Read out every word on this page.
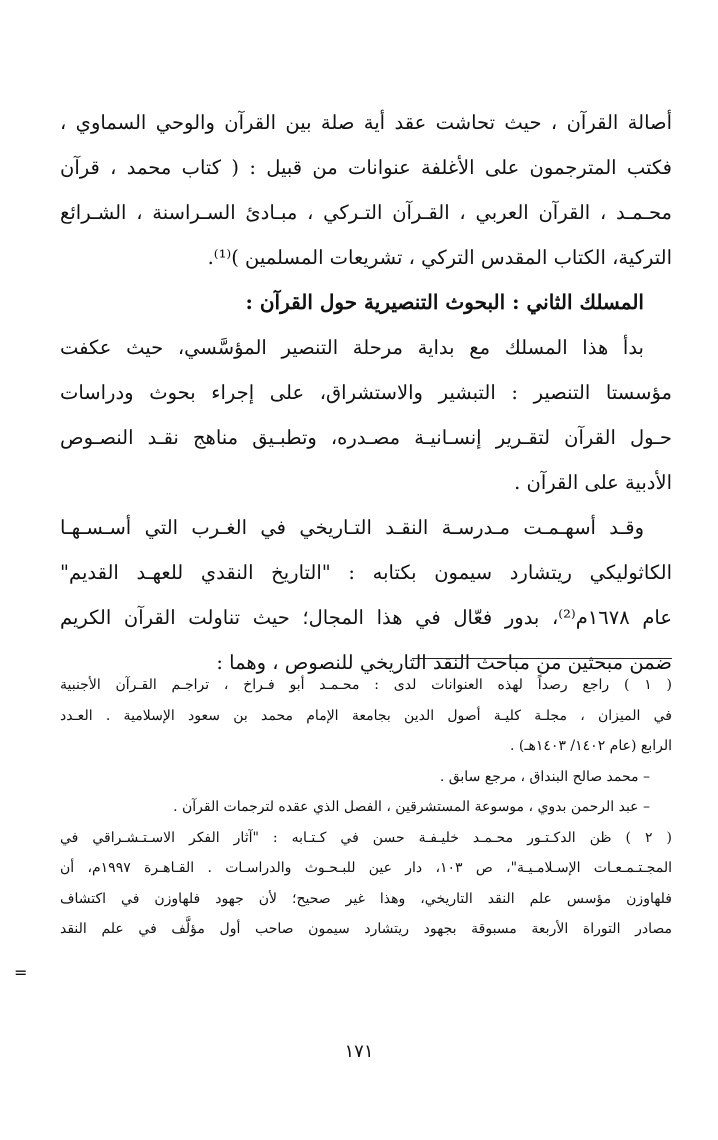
أصالة القرآن ، حيث تحاشت عقد أية صلة بين القرآن والوحي السماوي ،
فكتب المترجمون على الأغلفة عنوانات من قبيل : ( كتاب محمد ، قرآن
محـمـد ، القرآن العربي ، القـرآن التـركي ، مبـادئ السـراسنة ، الشـرائع
التركية، الكتاب المقدس التركي ، تشريعات المسلمين )⁽¹⁾.
المسلك الثاني : البحوث التنصيرية حول القرآن :
بدأ هذا المسلك مع بداية مرحلة التنصير المؤسَّسي، حيث عكفت
مؤسستا التنصير : التبشير والاستشراق، على إجراء بحوث ودراسات
حـول القرآن لتقـرير إنسـانيـة مصـدره، وتطبـيق مناهج نقـد النصـوص
الأدبية على القرآن .
وقـد أسهـمـت مـدرسـة النقـد التـاريخي في الغـرب التي أسـسـهـا
الكاثوليكي ريتشارد سيمون بكتابه : "التاريخ النقدي للعهـد القديم"
عام ١٦٧٨م⁽²⁾، بدور فعّال في هذا المجال؛ حيث تناولت القرآن الكريم
ضمن مبحثين من مباحث النقد التاريخي للنصوص ، وهما :
( ١ ) راجع رصداً لهذه العنوانات لدى : محـمـد أبو فـراخ ، تراجـم القـرآن الأجنبية
في الميزان ، مجلـة كليـة أصول الدين بجامعة الإمام محمد بن سعود الإسلامية . العـدد
الرابع (عام ١٤٠٢/ ١٤٠٣هـ) .
– محمد صالح البنداق ، مرجع سابق .
– عبد الرحمن بدوي ، موسوعة المستشرقين ، الفصل الذي عقده لترجمات القرآن .
( ٢ ) ظن الدكـتـور محـمـد خليـفـة حسن في كـتـابه : "آثار الفكر الاسـتـشـراقي في
المجـتـمـعـات الإسـلامـيـة"، ص ١٠٣، دار عين للبـحـوث والدراسـات . القـاهـرة ١٩٩٧م، أن
فلهاوزن مؤسس علم النقد التاريخي، وهذا غير صحيح؛ لأن جهود فلهاوزن في اكتشاف
مصادر التوراة الأربعة مسبوقة بجهود ريتشارد سيمون صاحب أول مؤلَّف في علم النقد
=
١٧١
